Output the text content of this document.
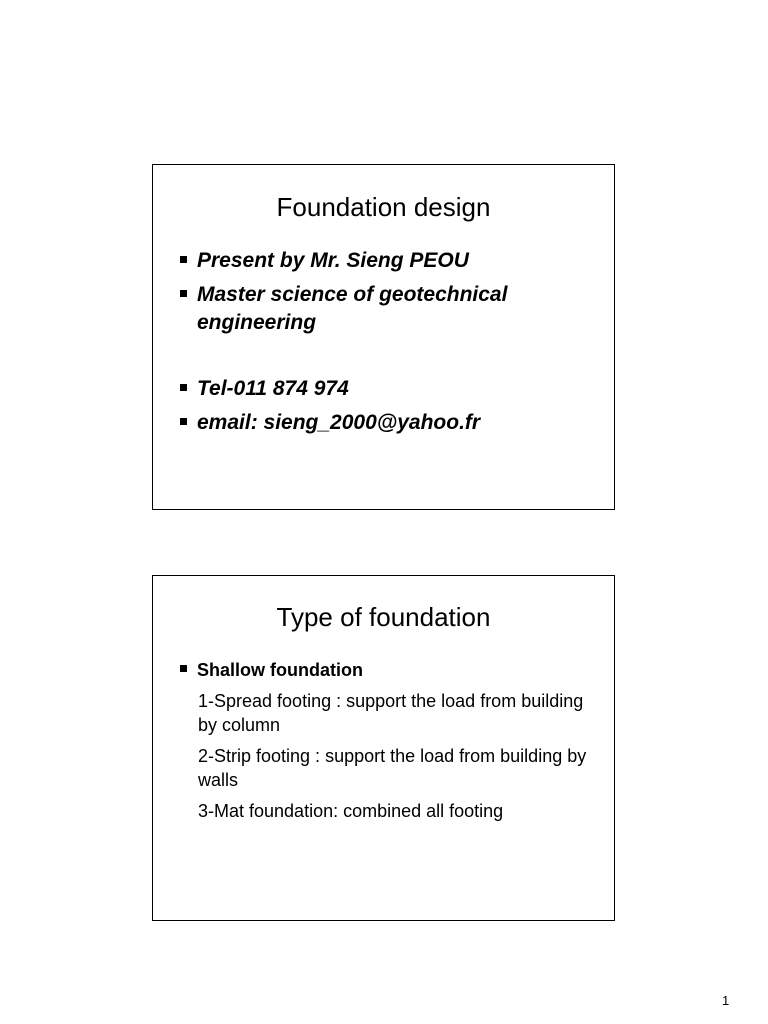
Foundation design
Present by Mr. Sieng PEOU
Master science of geotechnical engineering
Tel-011 874 974
email: sieng_2000@yahoo.fr
Type of foundation
Shallow foundation
1-Spread footing : support the load from building by column
2-Strip footing : support the load from building by walls
3-Mat foundation: combined all footing
1
